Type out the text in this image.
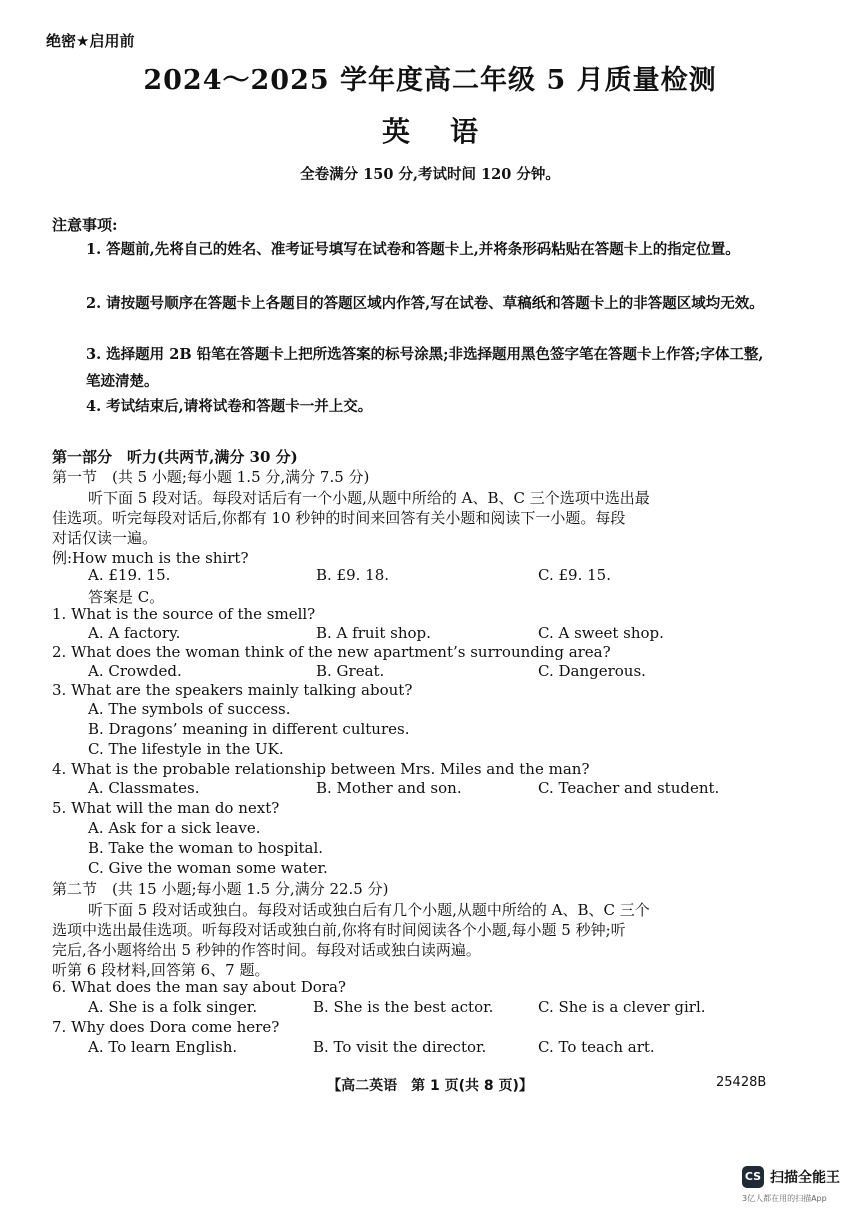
绝密★启用前
2024～2025 学年度高二年级 5 月质量检测
英语
全卷满分 150 分,考试时间 120 分钟。
注意事项:
1. 答题前,先将自己的姓名、准考证号填写在试卷和答题卡上,并将条形码粘贴在答题卡上的指定位置。
2. 请按题号顺序在答题卡上各题目的答题区域内作答,写在试卷、草稿纸和答题卡上的非答题区域均无效。
3. 选择题用 2B 铅笔在答题卡上把所选答案的标号涂黑;非选择题用黑色签字笔在答题卡上作答;字体工整,笔迹清楚。
4. 考试结束后,请将试卷和答题卡一并上交。
第一部分　听力(共两节,满分 30 分)
第一节　(共 5 小题;每小题 1.5 分,满分 7.5 分)
听下面 5 段对话。每段对话后有一个小题,从题中所给的 A、B、C 三个选项中选出最
佳选项。听完每段对话后,你都有 10 秒钟的时间来回答有关小题和阅读下一小题。每段
对话仅读一遍。
例:How much is the shirt?
A. £19. 15.	B. £9. 18.	C. £9. 15.
答案是 C。
1. What is the source of the smell?
A. A factory.	B. A fruit shop.	C. A sweet shop.
2. What does the woman think of the new apartment’s surrounding area?
A. Crowded.	B. Great.	C. Dangerous.
3. What are the speakers mainly talking about?
A. The symbols of success.
B. Dragons’ meaning in different cultures.
C. The lifestyle in the UK.
4. What is the probable relationship between Mrs. Miles and the man?
A. Classmates.	B. Mother and son.	C. Teacher and student.
5. What will the man do next?
A. Ask for a sick leave.
B. Take the woman to hospital.
C. Give the woman some water.
第二节　(共 15 小题;每小题 1.5 分,满分 22.5 分)
听下面 5 段对话或独白。每段对话或独白后有几个小题,从题中所给的 A、B、C 三个
选项中选出最佳选项。听每段对话或独白前,你将有时间阅读各个小题,每小题 5 秒钟;听
完后,各小题将给出 5 秒钟的作答时间。每段对话或独白读两遍。
听第 6 段材料,回答第 6、7 题。
6. What does the man say about Dora?
A. She is a folk singer.	B. She is the best actor.	C. She is a clever girl.
7. Why does Dora come here?
A. To learn English.	B. To visit the director.	C. To teach art.
【高二英语　第 1 页(共 8 页)】	25428B
CS 扫描全能王
3亿人都在用的扫描App
